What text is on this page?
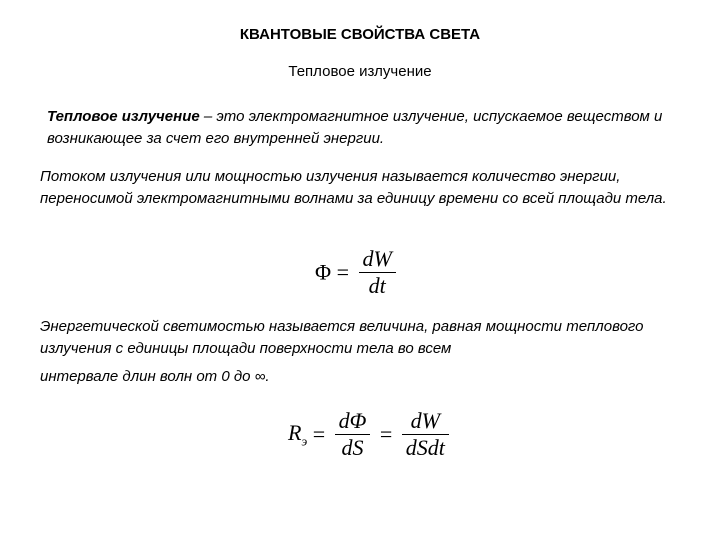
КВАНТОВЫЕ СВОЙСТВА СВЕТА
Тепловое излучение
Тепловое излучение – это электромагнитное излучение, испускаемое веществом и возникающее за счет его внутренней энергии.
Потоком излучения или мощностью излучения называется количество энергии, переносимой электромагнитными волнами за единицу времени со всей площади тела.
$\Phi = \frac{dW}{dt}$
Энергетической светимостью называется величина, равная мощности теплового излучения с единицы площади поверхности тела во всем
интервале длин волн от 0 до ∞.
$R_э = \frac{d\Phi}{dS} = \frac{dW}{\text{dSdt}}$
